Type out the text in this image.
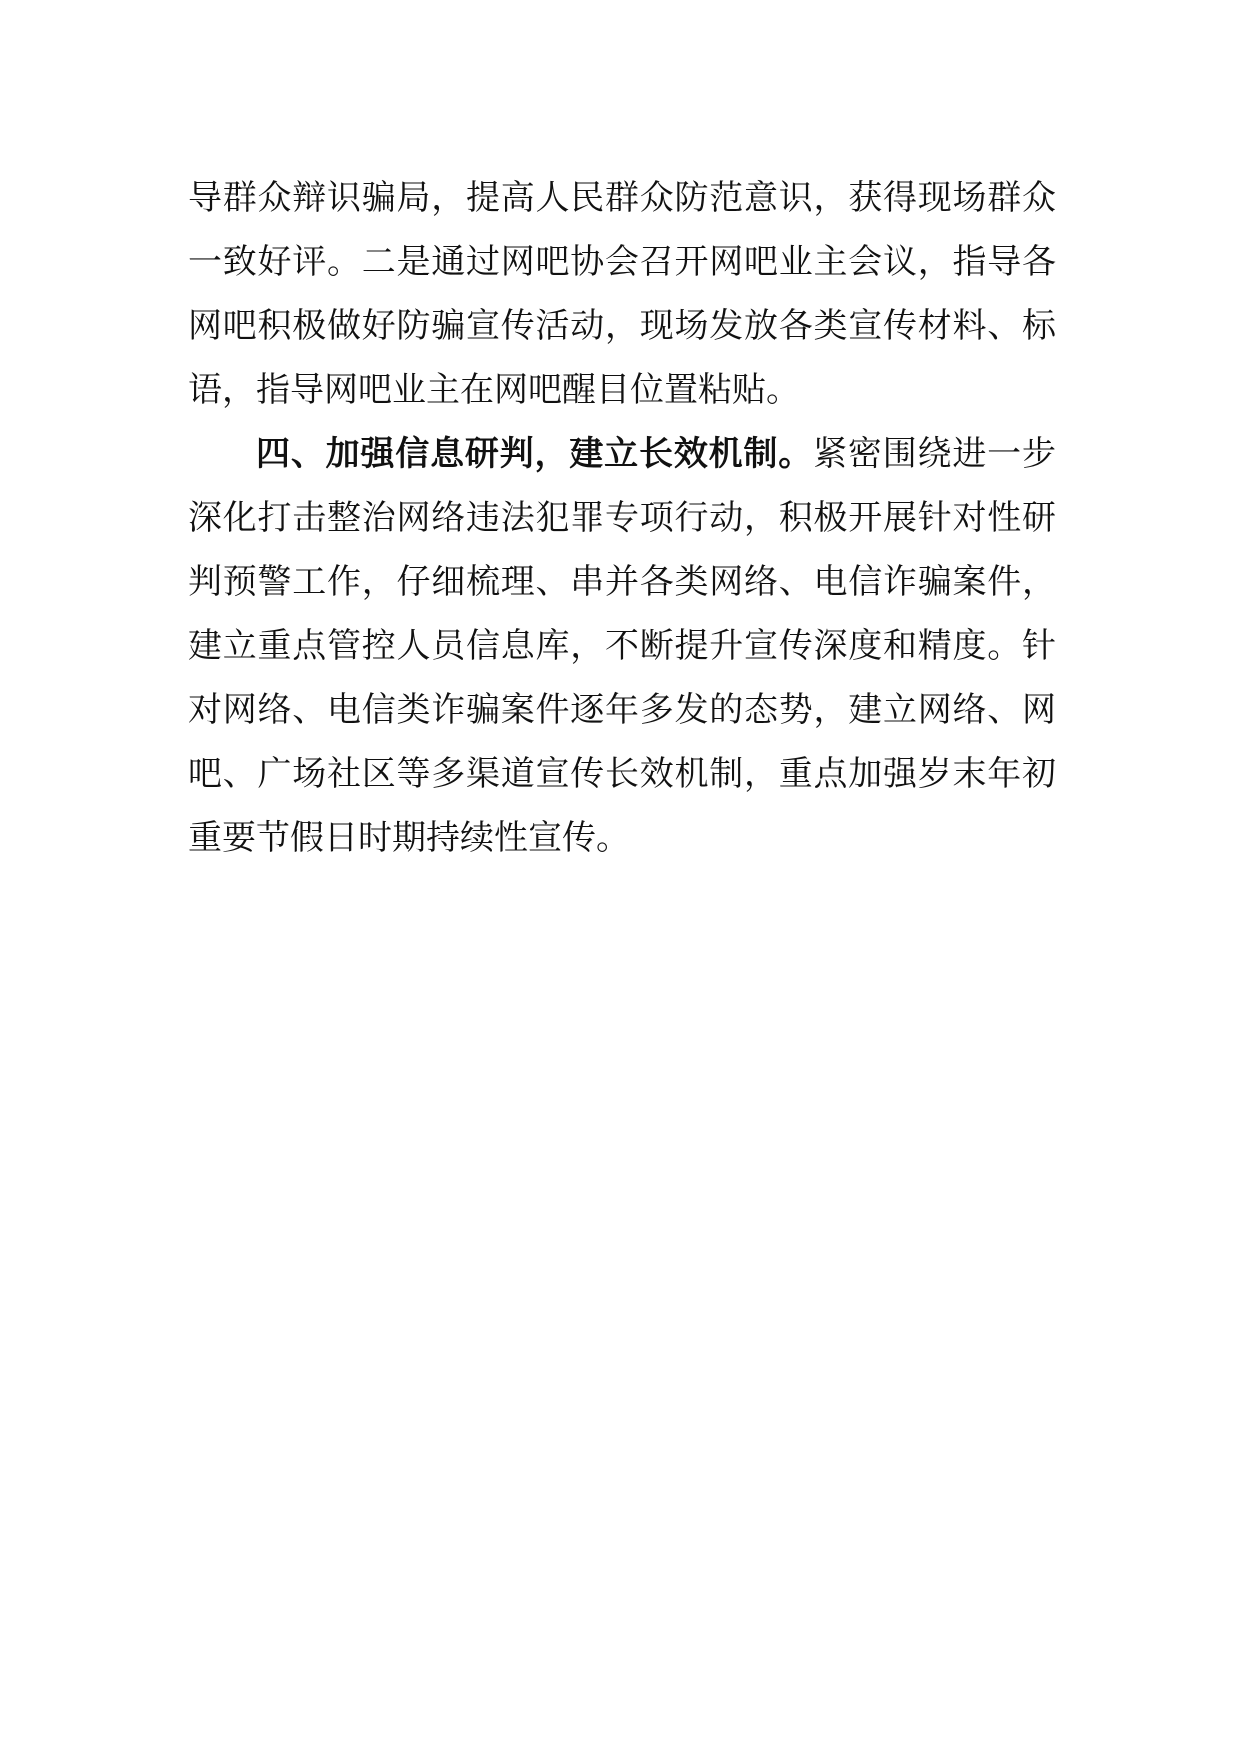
导群众辩识骗局，提高人民群众防范意识，获得现场群众
一致好评。二是通过网吧协会召开网吧业主会议，指导各
网吧积极做好防骗宣传活动，现场发放各类宣传材料、标
语，指导网吧业主在网吧醒目位置粘贴。
四、加强信息研判，建立长效机制。紧密围绕进一步
深化打击整治网络违法犯罪专项行动，积极开展针对性研
判预警工作，仔细梳理、串并各类网络、电信诈骗案件，
建立重点管控人员信息库，不断提升宣传深度和精度。针
对网络、电信类诈骗案件逐年多发的态势，建立网络、网
吧、广场社区等多渠道宣传长效机制，重点加强岁末年初
重要节假日时期持续性宣传。
